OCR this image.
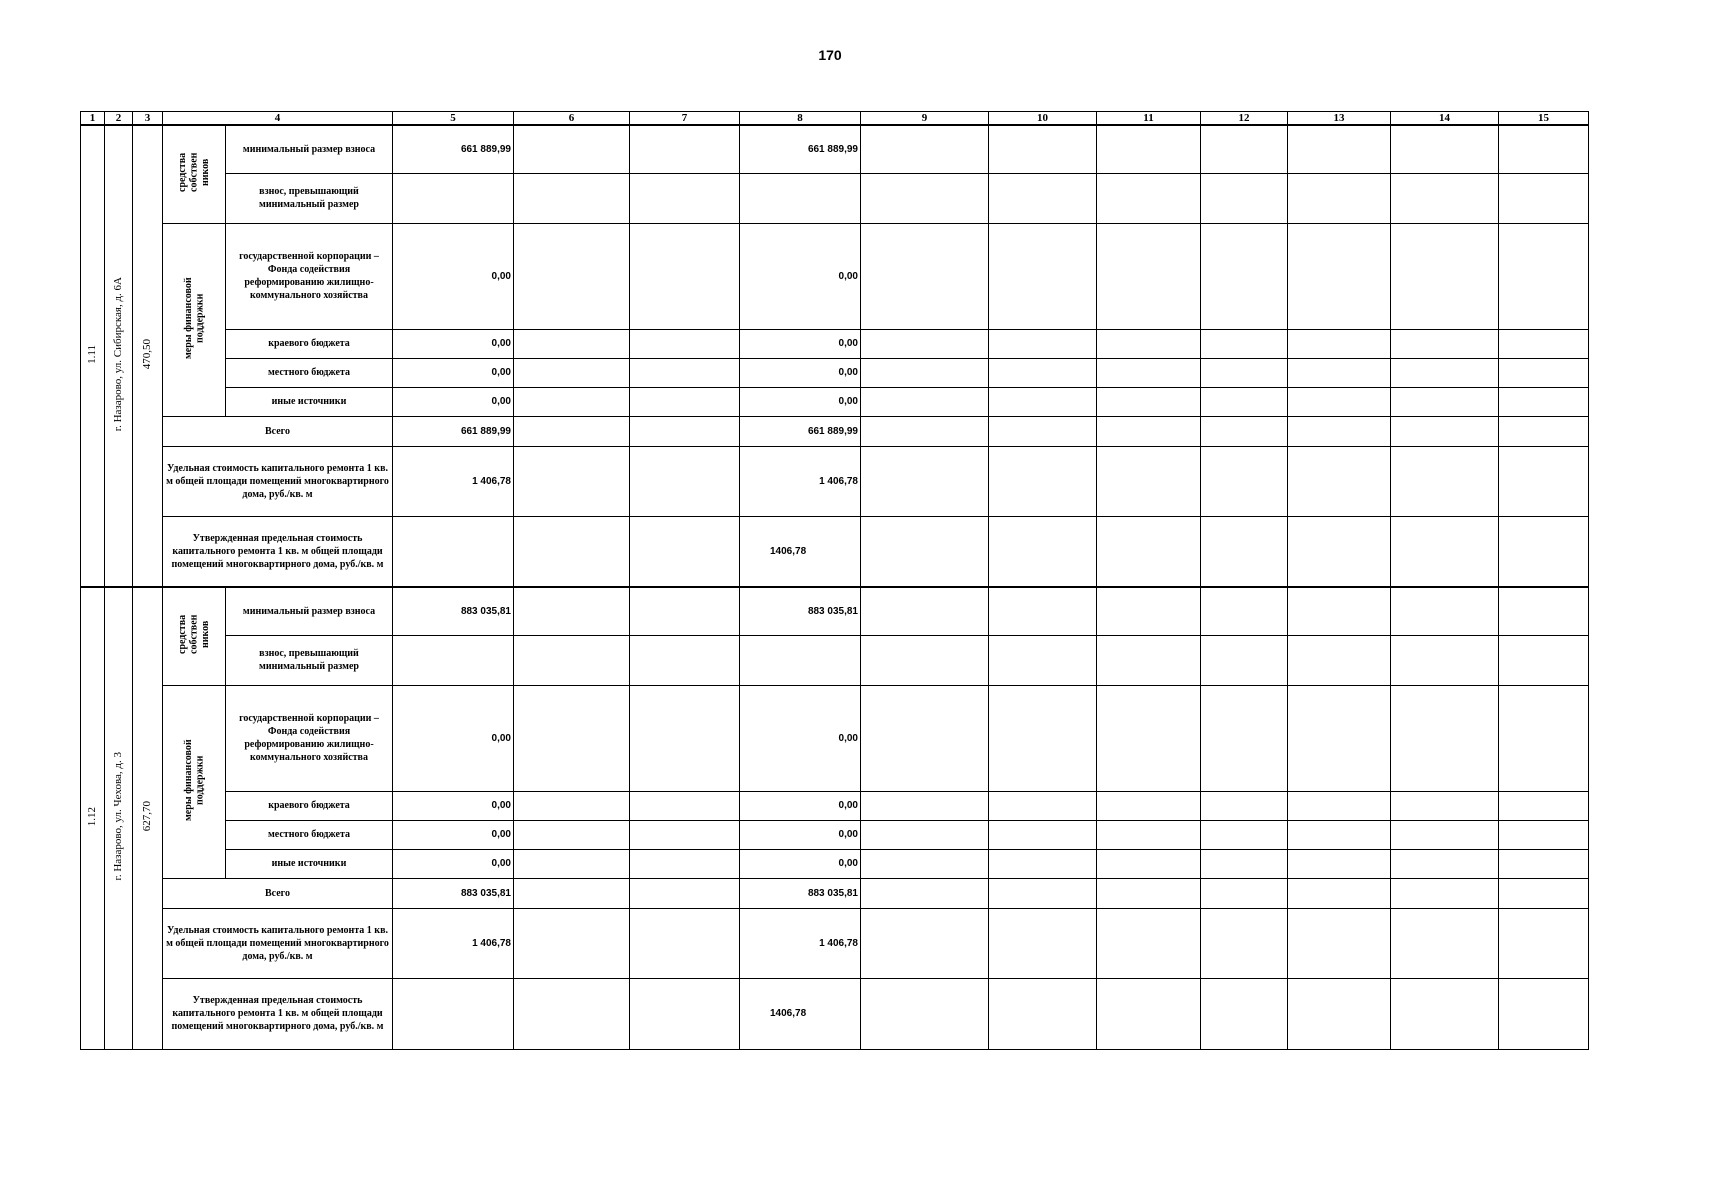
170
1	2	3	4		5	6	7	8	9	10	11	12	13	14	15
1.11	г. Назарово, ул. Сибирская, д. 6А	470,50	средства собствен ников	минимальный размер взноса	661 889,99			661 889,99							
				взнос, превышающий минимальный размер											
			меры финансовой поддержки	государственной корпорации – Фонда содействия реформированию жилищно-коммунального хозяйства	0,00			0,00							
				краевого бюджета	0,00			0,00							
				местного бюджета	0,00			0,00							
				иные источники	0,00			0,00							
			Всего		661 889,99			661 889,99							
			Удельная стоимость капитального ремонта 1 кв. м общей площади помещений многоквартирного дома, руб./кв. м		1 406,78			1 406,78							
			Утвержденная предельная стоимость капитального ремонта 1 кв. м общей площади помещений многоквартирного дома, руб./кв. м					1406,78							
1.12	г. Назарово, ул. Чехова, д. 3	627,70	средства собствен ников	минимальный размер взноса	883 035,81			883 035,81							
				взнос, превышающий минимальный размер											
			меры финансовой поддержки	государственной корпорации – Фонда содействия реформированию жилищно-коммунального хозяйства	0,00			0,00							
				краевого бюджета	0,00			0,00							
				местного бюджета	0,00			0,00							
				иные источники	0,00			0,00							
			Всего		883 035,81			883 035,81							
			Удельная стоимость капитального ремонта 1 кв. м общей площади помещений многоквартирного дома, руб./кв. м		1 406,78			1 406,78							
			Утвержденная предельная стоимость капитального ремонта 1 кв. м общей площади помещений многоквартирного дома, руб./кв. м					1406,78							
